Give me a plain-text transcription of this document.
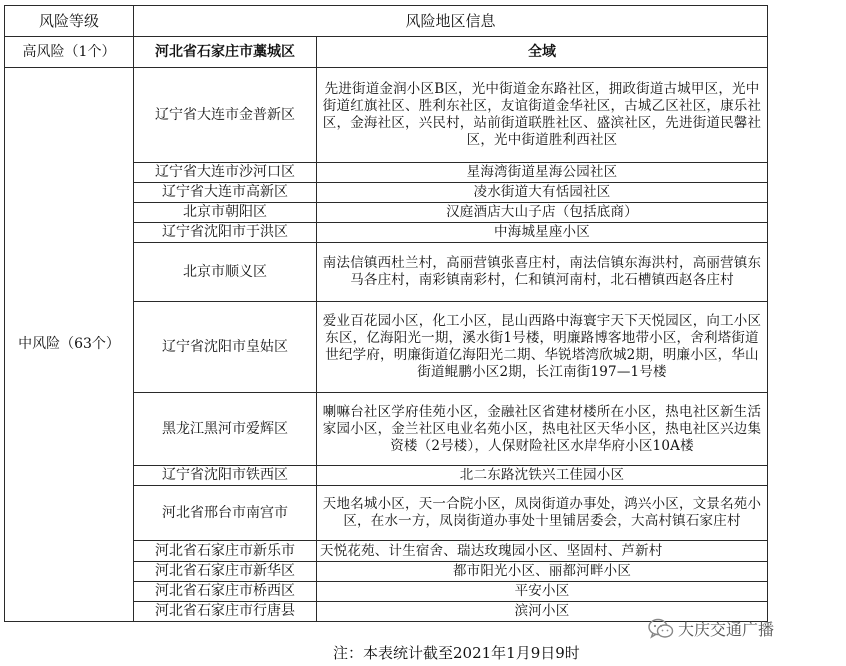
风险等级	风险地区信息	
高风险（1个）	河北省石家庄市藁城区	全域
中风险（63个）	辽宁省大连市金普新区	先进街道金润小区B区，光中街道金东路社区，拥政街道古城甲区，光中街道红旗社区、胜利东社区，友谊街道金华社区，古城乙区社区，康乐社区，金海社区，兴民村，站前街道联胜社区、盛滨社区，先进街道民馨社区，光中街道胜利西社区
	辽宁省大连市沙河口区	星海湾街道星海公园社区
	辽宁省大连市高新区	凌水街道大有恬园社区
	北京市朝阳区	汉庭酒店大山子店（包括底商）
	辽宁省沈阳市于洪区	中海城星座小区
	北京市顺义区	南法信镇西杜兰村，高丽营镇张喜庄村，南法信镇东海洪村，高丽营镇东马各庄村，南彩镇南彩村，仁和镇河南村，北石槽镇西赵各庄村
	辽宁省沈阳市皇姑区	爱业百花园小区，化工小区，昆山西路中海寰宇天下天悦园区，向工小区东区，亿海阳光一期，溪水街1号楼，明廉路博客地带小区，舍利塔街道世纪学府，明廉街道亿海阳光二期、华锐塔湾欣城2期，明廉小区，华山街道鲲鹏小区2期，长江南街197—1号楼
	黑龙江黑河市爱辉区	喇嘛台社区学府佳苑小区，金融社区省建材楼所在小区，热电社区新生活家园小区，金兰社区电业名苑小区，热电社区天华小区，热电社区兴边集资楼（2号楼），人保财险社区水岸华府小区10A楼
	辽宁省沈阳市铁西区	北二东路沈铁兴工佳园小区
	河北省邢台市南宫市	天地名城小区，天一合院小区，凤岗街道办事处，鸿兴小区，文景名苑小区，在水一方，凤岗街道办事处十里铺居委会，大高村镇石家庄村
	河北省石家庄市新乐市	天悦花苑、计生宿舍、瑞达玫瑰园小区、坚固村、芦新村
	河北省石家庄市新华区	都市阳光小区、丽都河畔小区
	河北省石家庄市桥西区	平安小区
	河北省石家庄市行唐县	滨河小区
大庆交通广播
注：本表统计截至2021年1月9日9时
